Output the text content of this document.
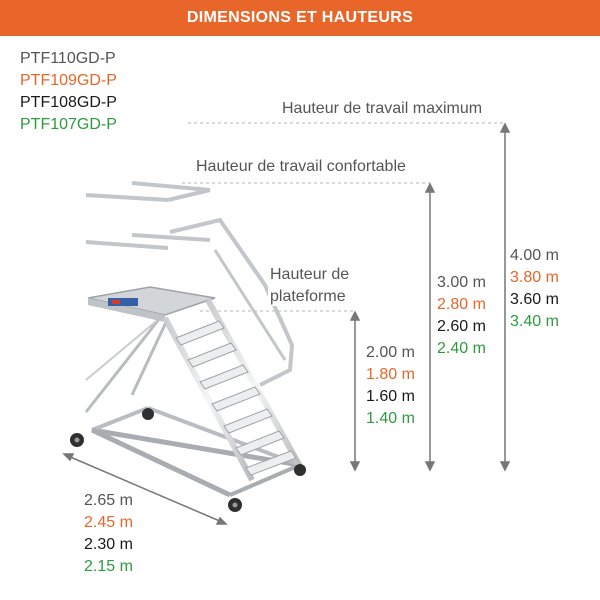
DIMENSIONS ET HAUTEURS
PTF110GD-P
PTF109GD-P
PTF108GD-P
PTF107GD-P
Hauteur de travail maximum
Hauteur de travail confortable
Hauteur de
plateforme
4.00 m
3.80 m
3.60 m
3.40 m
3.00 m
2.80 m
2.60 m
2.40 m
2.00 m
1.80 m
1.60 m
1.40 m
2.65 m
2.45 m
2.30 m
2.15 m
